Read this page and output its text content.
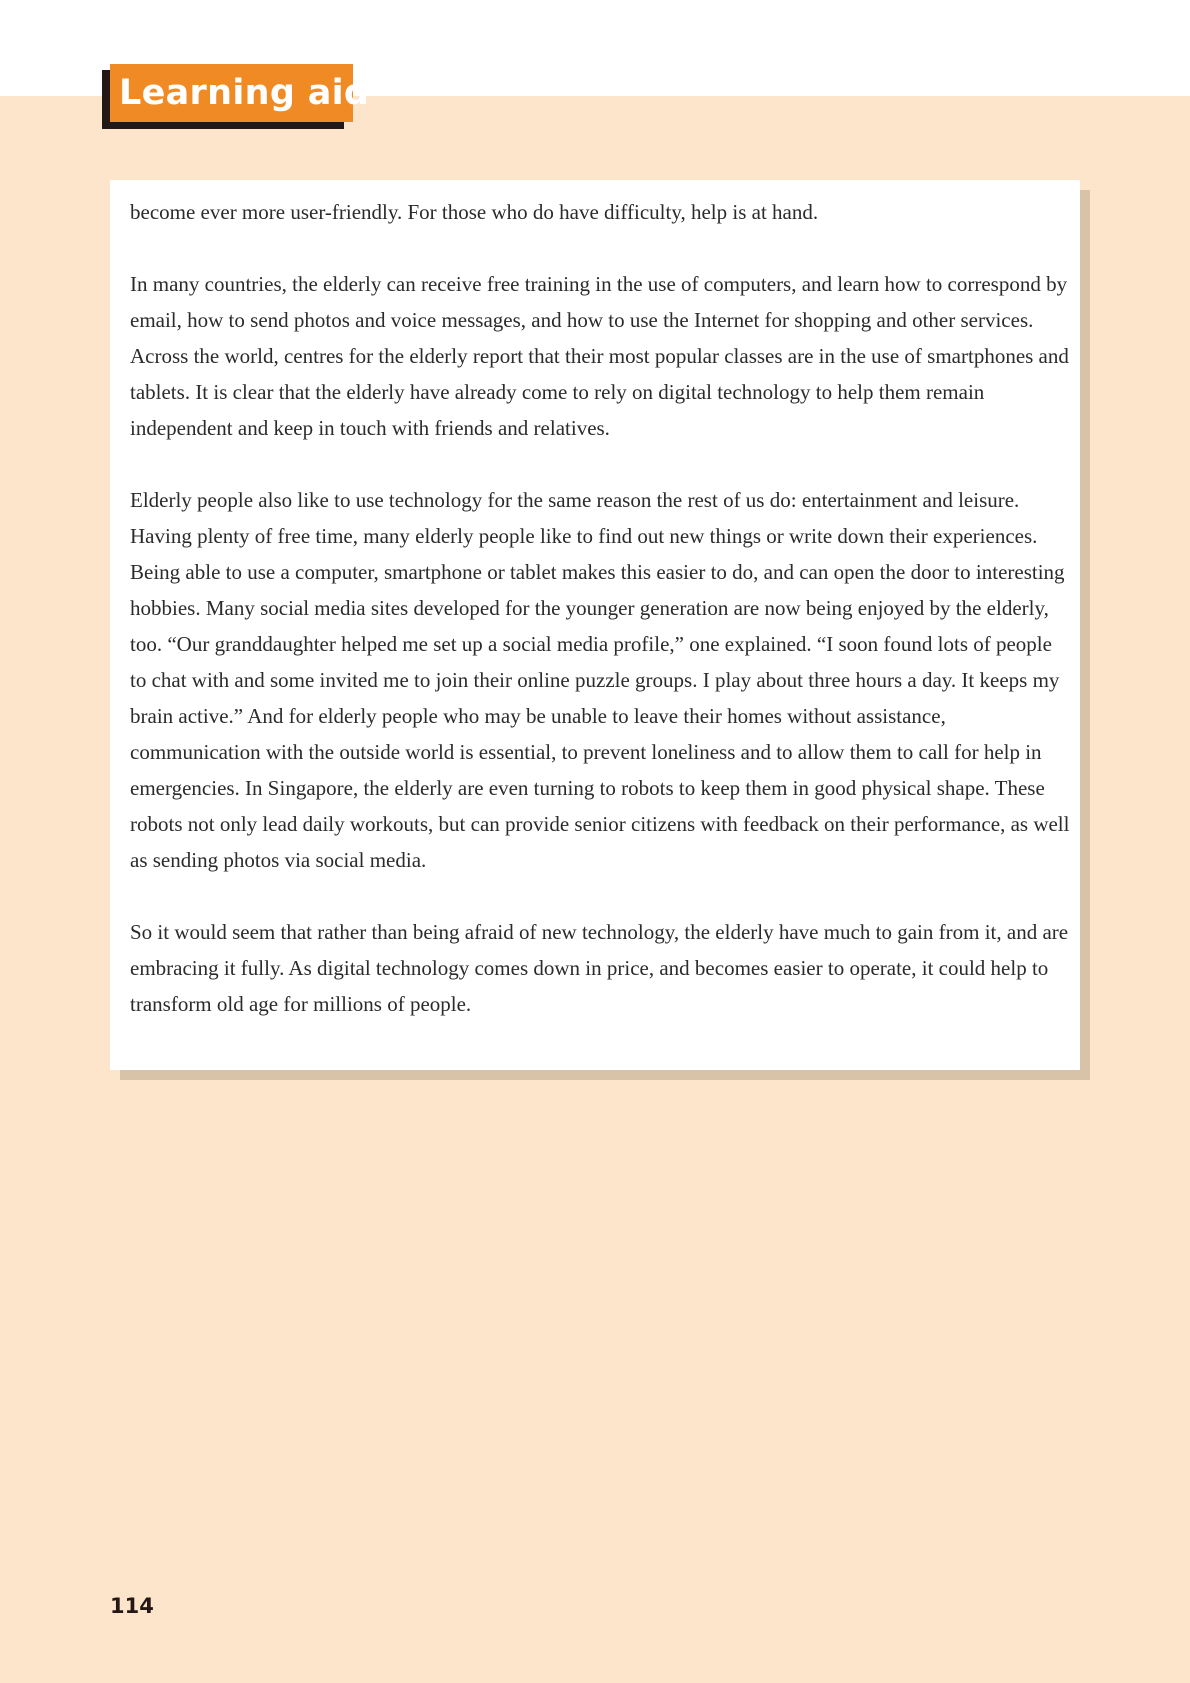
Learning aid

become ever more user-friendly. For those who do have difficulty, help is at hand.

In many countries, the elderly can receive free training in the use of computers, and learn how to correspond by email, how to send photos and voice messages, and how to use the Internet for shopping and other services. Across the world, centres for the elderly report that their most popular classes are in the use of smartphones and tablets. It is clear that the elderly have already come to rely on digital technology to help them remain independent and keep in touch with friends and relatives.

Elderly people also like to use technology for the same reason the rest of us do: entertainment and leisure. Having plenty of free time, many elderly people like to find out new things or write down their experiences. Being able to use a computer, smartphone or tablet makes this easier to do, and can open the door to interesting hobbies. Many social media sites developed for the younger generation are now being enjoyed by the elderly, too. “Our granddaughter helped me set up a social media profile,” one explained. “I soon found lots of people to chat with and some invited me to join their online puzzle groups. I play about three hours a day. It keeps my brain active.” And for elderly people who may be unable to leave their homes without assistance, communication with the outside world is essential, to prevent loneliness and to allow them to call for help in emergencies. In Singapore, the elderly are even turning to robots to keep them in good physical shape. These robots not only lead daily workouts, but can provide senior citizens with feedback on their performance, as well as sending photos via social media.

So it would seem that rather than being afraid of new technology, the elderly have much to gain from it, and are embracing it fully. As digital technology comes down in price, and becomes easier to operate, it could help to transform old age for millions of people.

114
